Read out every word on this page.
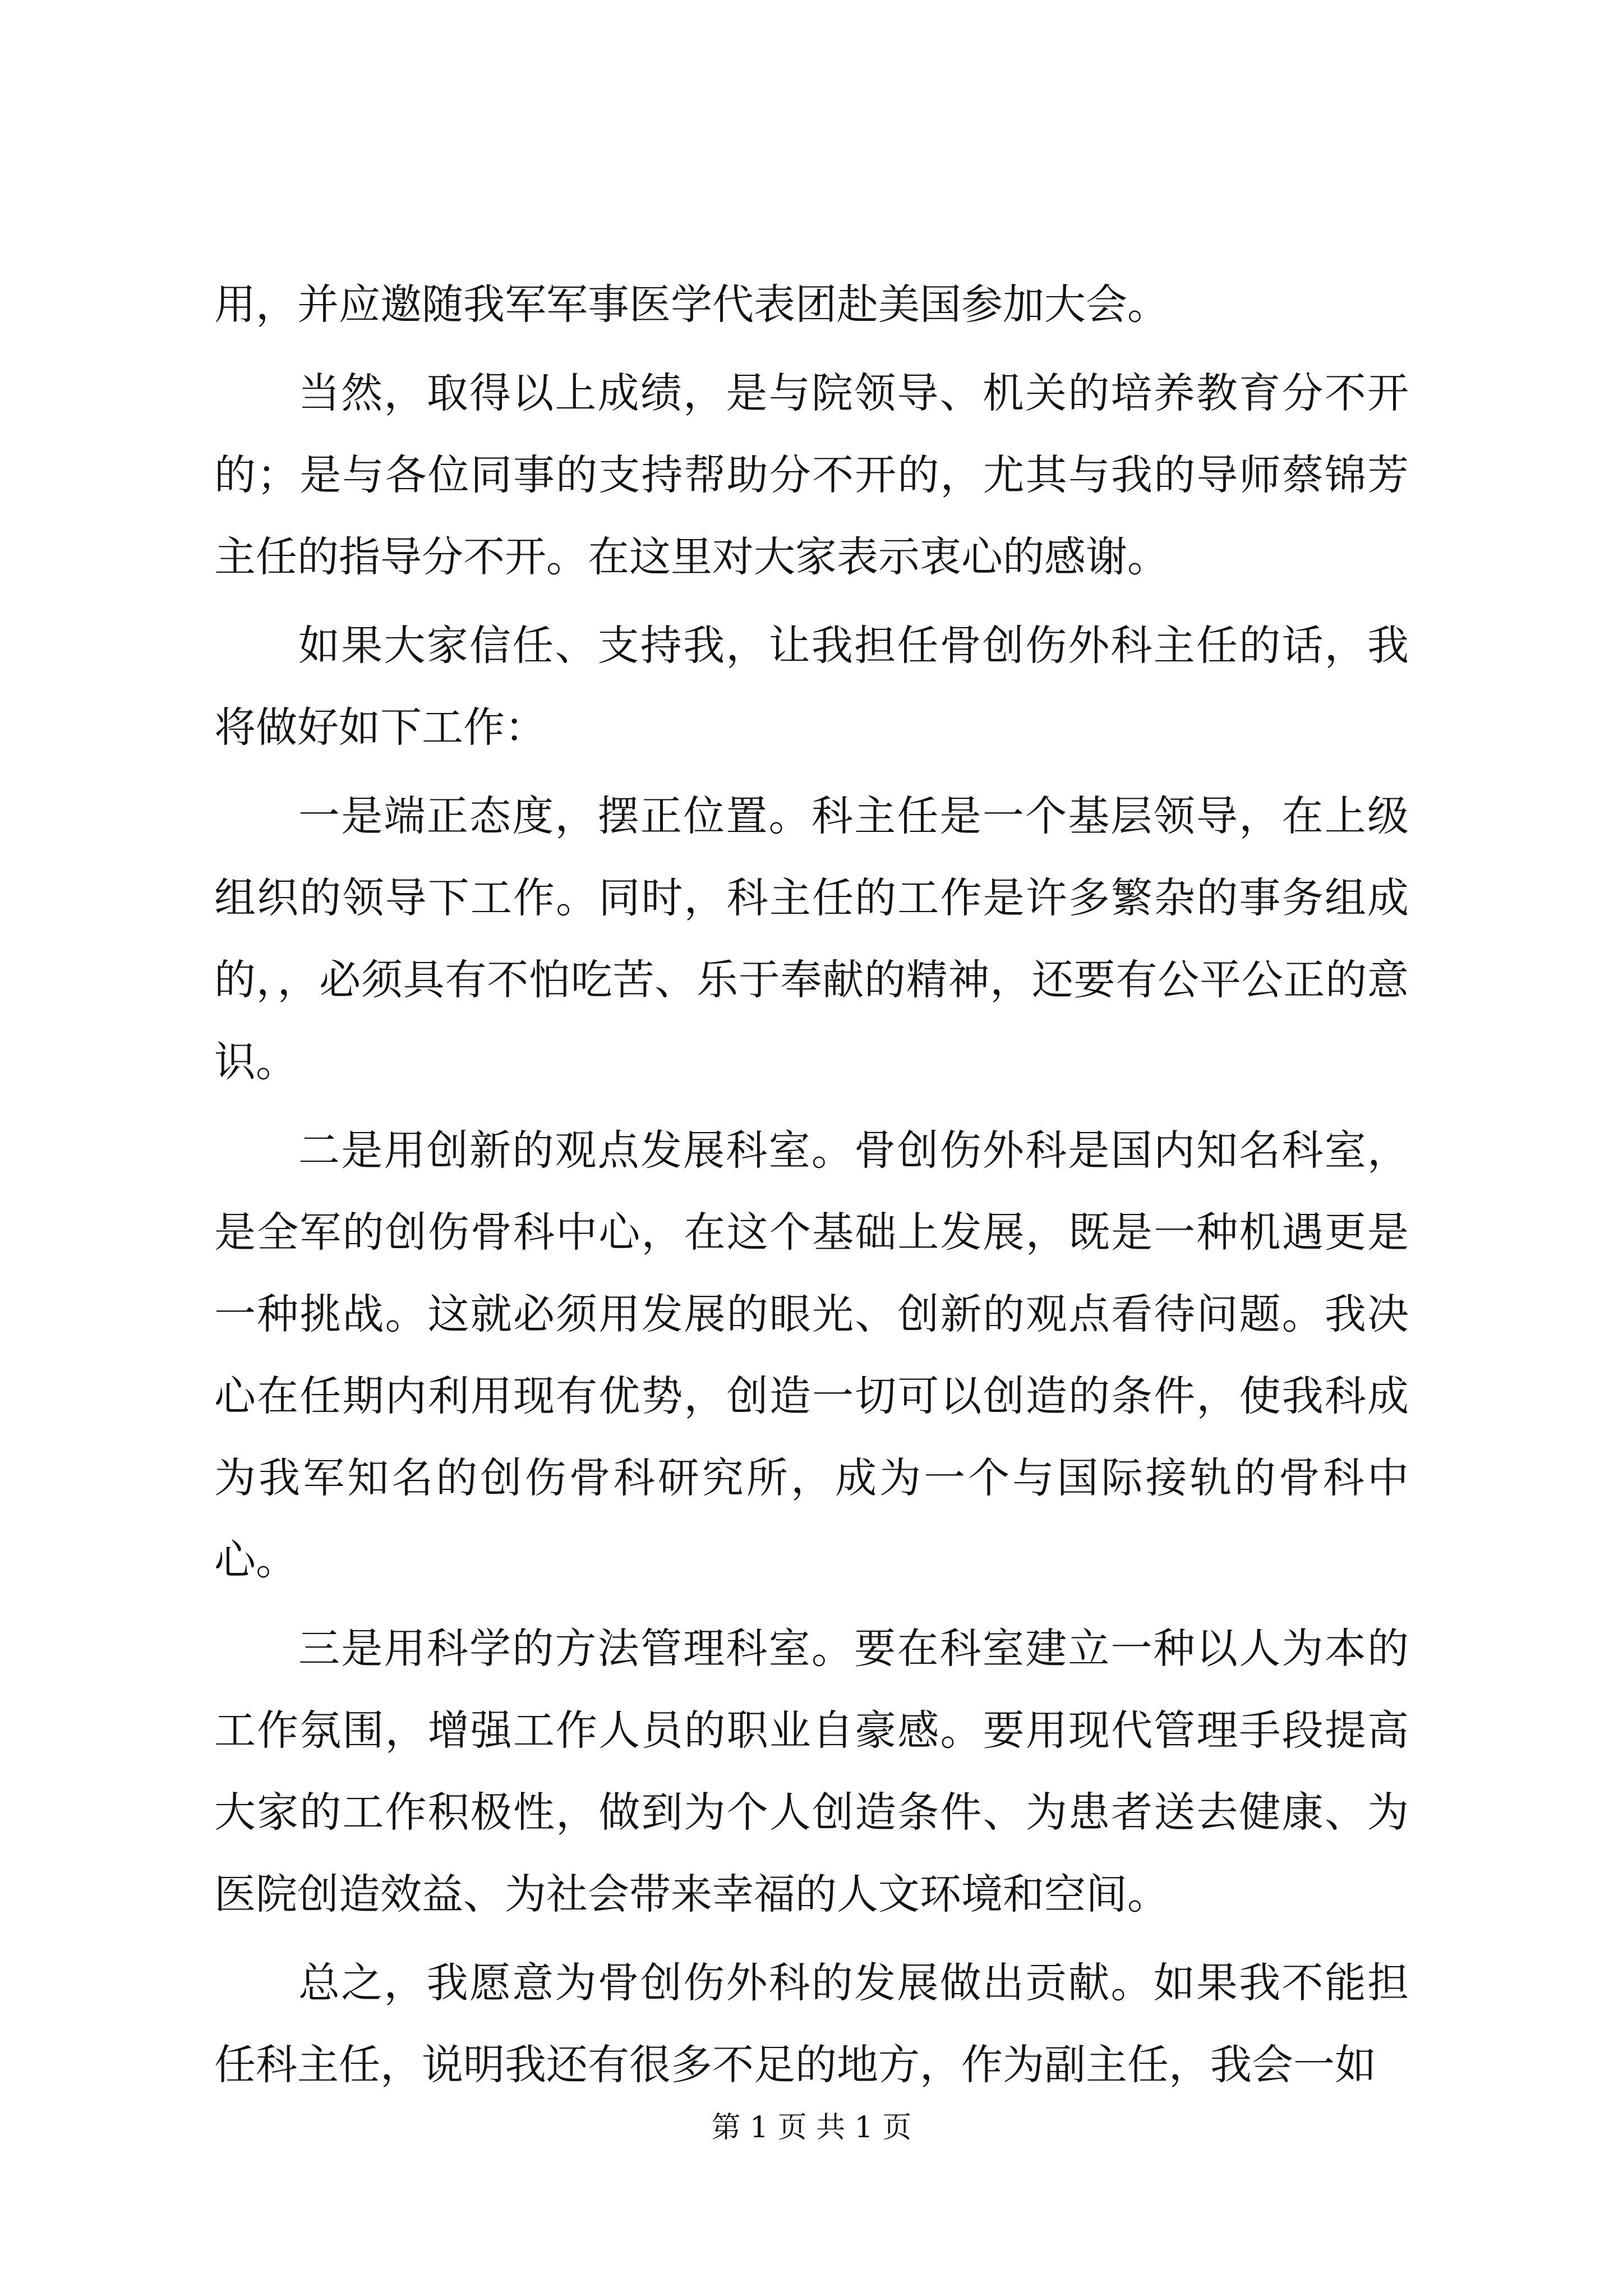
用，并应邀随我军军事医学代表团赴美国参加大会。

当然，取得以上成绩，是与院领导、机关的培养教育分不开的；是与各位同事的支持帮助分不开的，尤其与我的导师蔡锦芳主任的指导分不开。在这里对大家表示衷心的感谢。

如果大家信任、支持我，让我担任骨创伤外科主任的话，我将做好如下工作：

一是端正态度，摆正位置。科主任是一个基层领导，在上级组织的领导下工作。同时，科主任的工作是许多繁杂的事务组成的，，必须具有不怕吃苦、乐于奉献的精神，还要有公平公正的意识。

二是用创新的观点发展科室。骨创伤外科是国内知名科室，是全军的创伤骨科中心，在这个基础上发展，既是一种机遇更是一种挑战。这就必须用发展的眼光、创新的观点看待问题。我决心在任期内利用现有优势，创造一切可以创造的条件，使我科成为我军知名的创伤骨科研究所，成为一个与国际接轨的骨科中心。

三是用科学的方法管理科室。要在科室建立一种以人为本的工作氛围，增强工作人员的职业自豪感。要用现代管理手段提高大家的工作积极性，做到为个人创造条件、为患者送去健康、为医院创造效益、为社会带来幸福的人文环境和空间。

总之，我愿意为骨创伤外科的发展做出贡献。如果我不能担任科主任，说明我还有很多不足的地方，作为副主任，我会一如

第 1 页 共 1 页
